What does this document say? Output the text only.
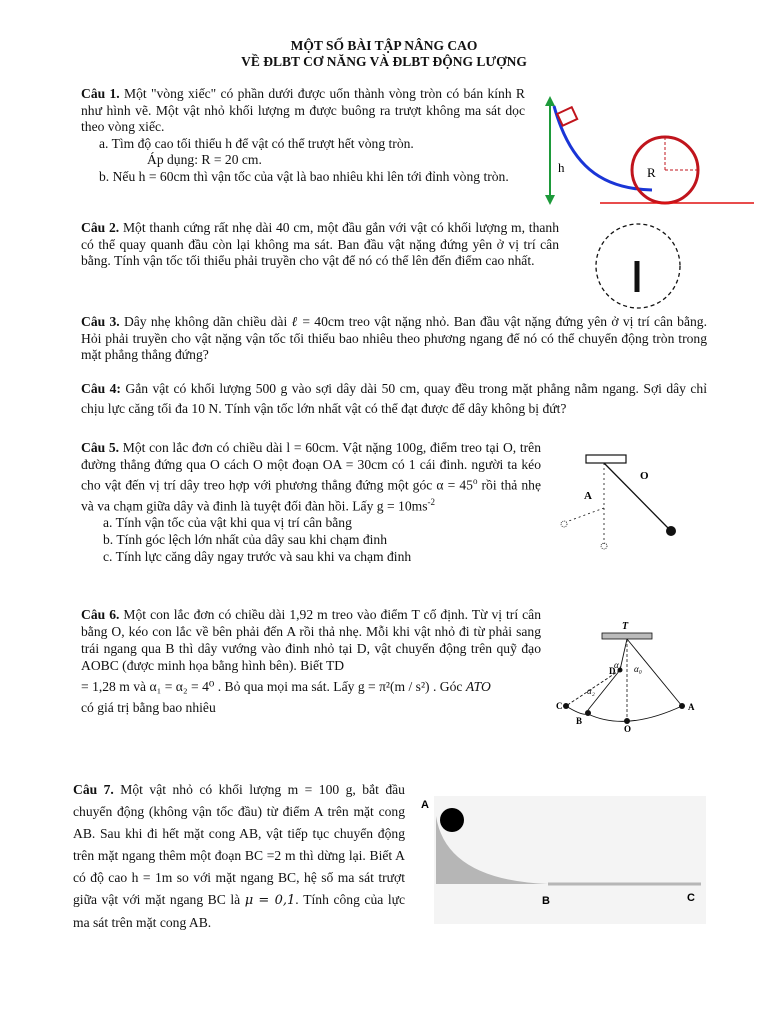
MỘT SỐ BÀI TẬP NÂNG CAO
VỀ ĐLBT CƠ NĂNG VÀ ĐLBT ĐỘNG LƯỢNG
Câu 1. Một "vòng xiếc" có phần dưới được uốn thành vòng tròn có bán kính R như hình vẽ. Một vật nhỏ khối lượng m được buông ra trượt không ma sát dọc theo vòng xiếc.
a. Tìm độ cao tối thiểu h để vật có thể trượt hết vòng tròn.
Áp dụng: R = 20 cm.
b. Nếu h = 60cm thì vận tốc của vật là bao nhiêu khi lên tới đỉnh vòng tròn.
h	R
Câu 2. Một thanh cứng rất nhẹ dài 40 cm, một đầu gắn với vật có khối lượng m, thanh có thể quay quanh đầu còn lại không ma sát. Ban đầu vật nặng đứng yên ở vị trí cân bằng. Tính vận tốc tối thiểu phải truyền cho vật để nó có thể lên đến điểm cao nhất.
Câu 3. Dây nhẹ không dãn chiều dài ℓ = 40cm treo vật nặng nhỏ. Ban đầu vật nặng đứng yên ở vị trí cân bằng. Hỏi phải truyền cho vật nặng vận tốc tối thiểu bao nhiêu theo phương ngang để nó có thể chuyển động tròn trong mặt phẳng thẳng đứng?
Câu 4: Gắn vật có khối lượng 500 g vào sợi dây dài 50 cm, quay đều trong mặt phẳng nằm ngang. Sợi dây chỉ chịu lực căng tối đa 10 N. Tính vận tốc lớn nhất vật có thể đạt được để dây không bị đứt?
Câu 5. Một con lắc đơn có chiều dài l = 60cm. Vật nặng 100g, điểm treo tại O, trên đường thẳng đứng qua O cách O một đoạn OA = 30cm có 1 cái đinh. người ta kéo cho vật đến vị trí dây treo hợp với phương thẳng đứng một góc $\alpha = 45^o$ rồi thả nhẹ và va chạm giữa dây và đinh là tuyệt đối đàn hồi. Lấy $g = 10ms^{-2}$
a. Tính vận tốc của vật khi qua vị trí cân bằng
b. Tính góc lệch lớn nhất của dây sau khi chạm đinh
c. Tính lực căng dây ngay trước và sau khi va chạm đinh
O
A
Câu 6. Một con lắc đơn có chiều dài 1,92 m treo vào điểm T cố định. Từ vị trí cân bằng O, kéo con lắc về bên phải đến A rồi thả nhẹ. Mỗi khi vật nhỏ đi từ phải sang trái ngang qua B thì dây vướng vào đinh nhỏ tại D, vật chuyển động trên quỹ đạo AOBC (được minh họa bằng hình bên). Biết TD
= 1,28 m và α₁ = α₂ = 4⁰ . Bỏ qua mọi ma sát. Lấy g = π²(m / s²) . Góc ATO
có giá trị bằng bao nhiêu
T
D
α₁ α₀
α₂
C
B
O
A
Câu 7. Một vật nhỏ có khối lượng m = 100 g, bắt đầu chuyển động (không vận tốc đầu) từ điểm A trên mặt cong AB. Sau khi đi hết mặt cong AB, vật tiếp tục chuyển động trên mặt ngang thêm một đoạn BC =2 m thì dừng lại. Biết A có độ cao h = 1m so với mặt ngang BC, hệ số ma sát trượt giữa vật với mặt ngang BC là μ = 0,1. Tính công của lực ma sát trên mặt cong AB.
A
B	C
